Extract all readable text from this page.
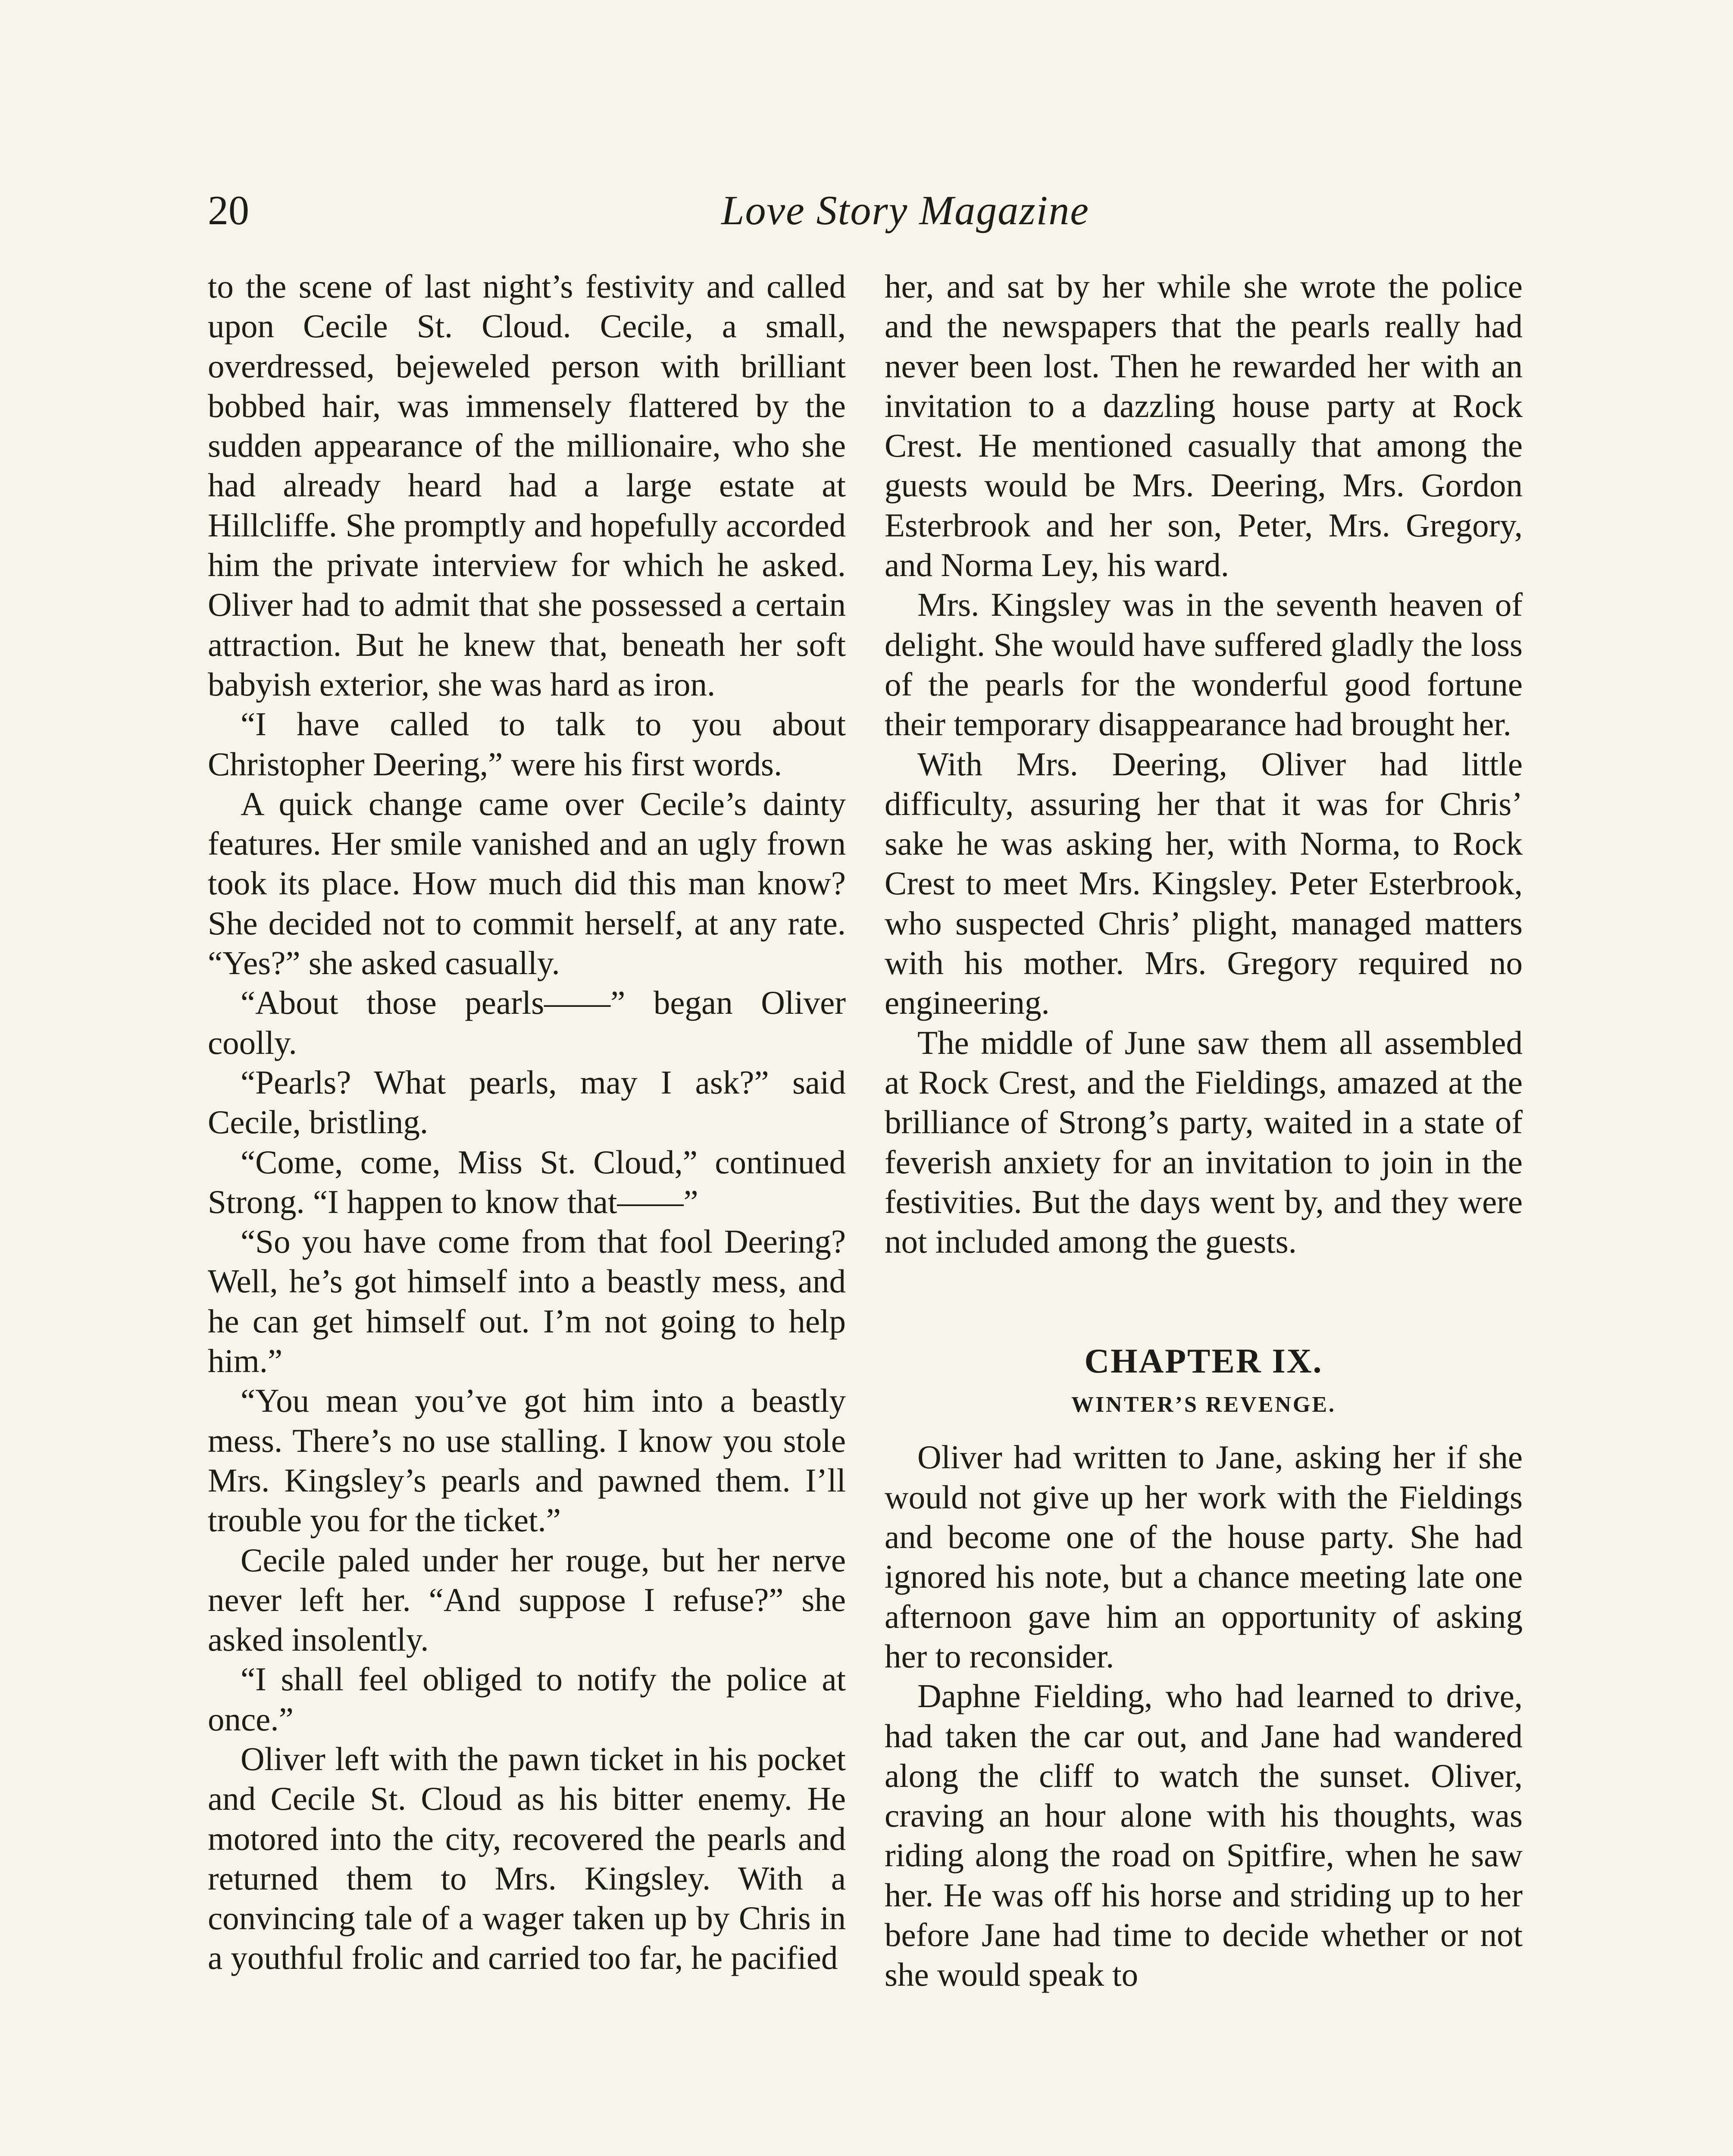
20	Love Story Magazine

to the scene of last night’s festivity and called upon Cecile St. Cloud. Cecile, a small, overdressed, bejeweled person with brilliant bobbed hair, was immensely flattered by the sudden appearance of the millionaire, who she had already heard had a large estate at Hillcliffe. She promptly and hopefully accorded him the private interview for which he asked. Oliver had to admit that she possessed a certain attraction. But he knew that, beneath her soft babyish exterior, she was hard as iron.

“I have called to talk to you about Christopher Deering,” were his first words.

A quick change came over Cecile’s dainty features. Her smile vanished and an ugly frown took its place. How much did this man know? She decided not to commit herself, at any rate. “Yes?” she asked casually.

“About those pearls——” began Oliver coolly.

“Pearls? What pearls, may I ask?” said Cecile, bristling.

“Come, come, Miss St. Cloud,” continued Strong. “I happen to know that——”

“So you have come from that fool Deering? Well, he’s got himself into a beastly mess, and he can get himself out. I’m not going to help him.”

“You mean you’ve got him into a beastly mess. There’s no use stalling. I know you stole Mrs. Kingsley’s pearls and pawned them. I’ll trouble you for the ticket.”

Cecile paled under her rouge, but her nerve never left her. “And suppose I refuse?” she asked insolently.

“I shall feel obliged to notify the police at once.”

Oliver left with the pawn ticket in his pocket and Cecile St. Cloud as his bitter enemy. He motored into the city, recovered the pearls and returned them to Mrs. Kingsley. With a convincing tale of a wager taken up by Chris in a youthful frolic and carried too far, he pacified

her, and sat by her while she wrote the police and the newspapers that the pearls really had never been lost. Then he rewarded her with an invitation to a dazzling house party at Rock Crest. He mentioned casually that among the guests would be Mrs. Deering, Mrs. Gordon Esterbrook and her son, Peter, Mrs. Gregory, and Norma Ley, his ward.

Mrs. Kingsley was in the seventh heaven of delight. She would have suffered gladly the loss of the pearls for the wonderful good fortune their temporary disappearance had brought her.

With Mrs. Deering, Oliver had little difficulty, assuring her that it was for Chris’ sake he was asking her, with Norma, to Rock Crest to meet Mrs. Kingsley. Peter Esterbrook, who suspected Chris’ plight, managed matters with his mother. Mrs. Gregory required no engineering.

The middle of June saw them all assembled at Rock Crest, and the Fieldings, amazed at the brilliance of Strong’s party, waited in a state of feverish anxiety for an invitation to join in the festivities. But the days went by, and they were not included among the guests.

CHAPTER IX.
WINTER’S REVENGE.

Oliver had written to Jane, asking her if she would not give up her work with the Fieldings and become one of the house party. She had ignored his note, but a chance meeting late one afternoon gave him an opportunity of asking her to reconsider.

Daphne Fielding, who had learned to drive, had taken the car out, and Jane had wandered along the cliff to watch the sunset. Oliver, craving an hour alone with his thoughts, was riding along the road on Spitfire, when he saw her. He was off his horse and striding up to her before Jane had time to decide whether or not she would speak to
